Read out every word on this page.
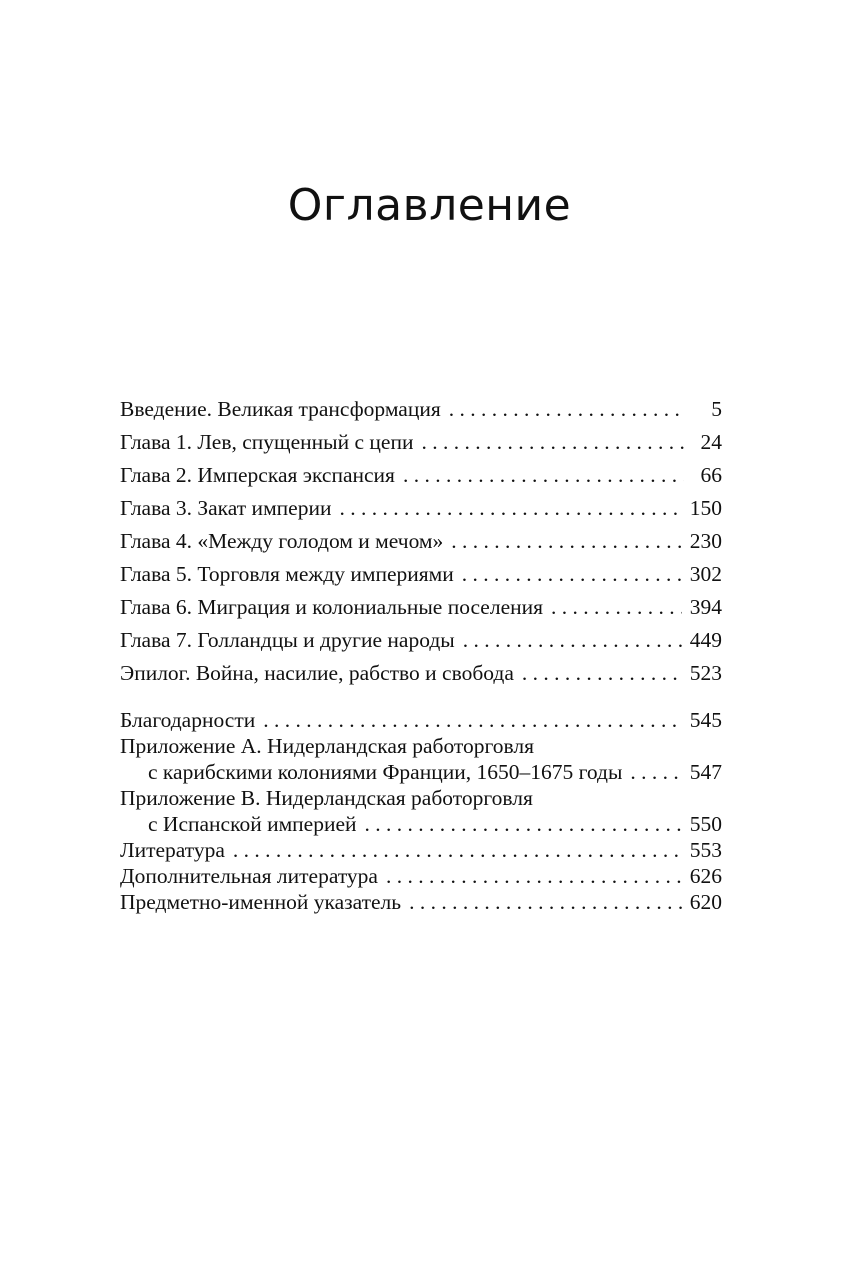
Оглавление
Введение. Великая трансформация . . .	5
Глава 1. Лев, спущенный с цепи . . .	24
Глава 2. Имперская экспансия . . .	66
Глава 3. Закат империи . . .	150
Глава 4. «Между голодом и мечом» . . .	230
Глава 5. Торговля между империями . . .	302
Глава 6. Миграция и колониальные поселения . . .	394
Глава 7. Голландцы и другие народы . . .	449
Эпилог. Война, насилие, рабство и свобода . . .	523
Благодарности . . .	545
Приложение А. Нидерландская работорговля
с карибскими колониями Франции, 1650–1675 годы . . .	547
Приложение B. Нидерландская работорговля
с Испанской империей . . .	550
Литература . . .	553
Дополнительная литература . . .	626
Предметно-именной указатель . . .	620
